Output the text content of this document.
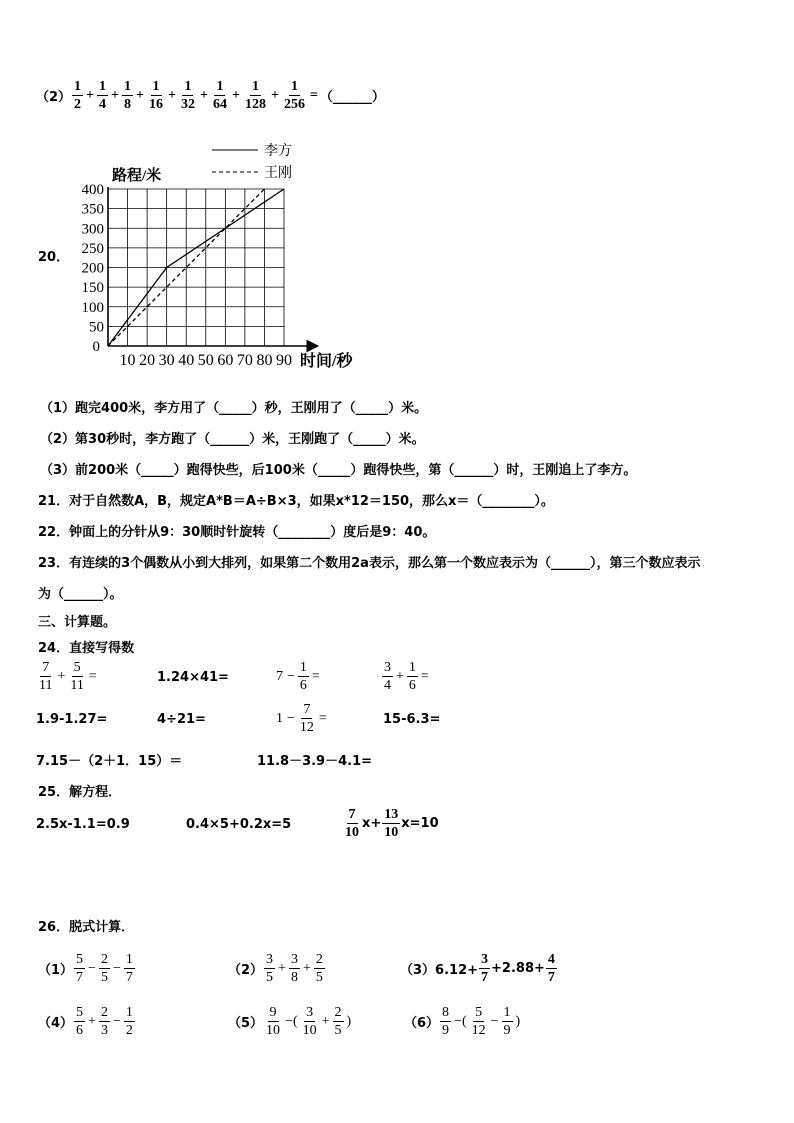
$(2) \frac{1}{2} + \frac{1}{4} + \frac{1}{8} + \frac{1}{16} + \frac{1}{32} + \frac{1}{64} + \frac{1}{128} + \frac{1}{256}$ = （______）
20．
10 20 30 40 50 60 70 80 90
400
350
300
250
200
150
100
50
0
李方
王刚
路程/米
时间/秒
（1）跑完400米，李方用了（_____）秒，王刚用了（_____）米。
（2）第30秒时，李方跑了（______）米，王刚跑了（_____）米。
（3）前200米（_____）跑得快些，后100米（_____）跑得快些，第（______）时，王刚追上了李方。
21．对于自然数A，B，规定A*B＝A÷B×3，如果x*12＝150，那么x＝（________）。
22．钟面上的分针从9：30顺时针旋转（________）度后是9：40。
23．有连续的3个偶数从小到大排列，如果第二个数用2a表示，那么第一个数应表示为（______），第三个数应表示
为（______）。
三、计算题。
24．直接写得数
$\frac{7}{11} + \frac{5}{11}$ =	1.24×41=	$7 - \frac{1}{6}$ =	$\frac{3}{4} + \frac{1}{6}$ =
1.9-1.27=	4÷21=	$1 - \frac{7}{12}$ =	15-6.3=
7.15－（2＋1．15）＝	11.8－3.9－4.1=
25．解方程．
2.5x-1.1=0.9	0.4×5+0.2x=5	$\frac{7}{10} x+ \frac{13}{10} x=10$
26．脱式计算．
$(1) \frac{5}{7} - \frac{2}{5} - \frac{1}{7}$	$(2) \frac{3}{5} + \frac{3}{8} + \frac{2}{5}$	$(3)6.12+ \frac{3}{7} +2.88+ \frac{4}{7}$
$(4) \frac{5}{6} + \frac{2}{3} - \frac{1}{2}$	$(5) \frac{9}{10}$ −( $\frac{3}{10} + \frac{2}{5}$ )	$(6) \frac{8}{9}$ −( $\frac{5}{12} - \frac{1}{9}$ )
